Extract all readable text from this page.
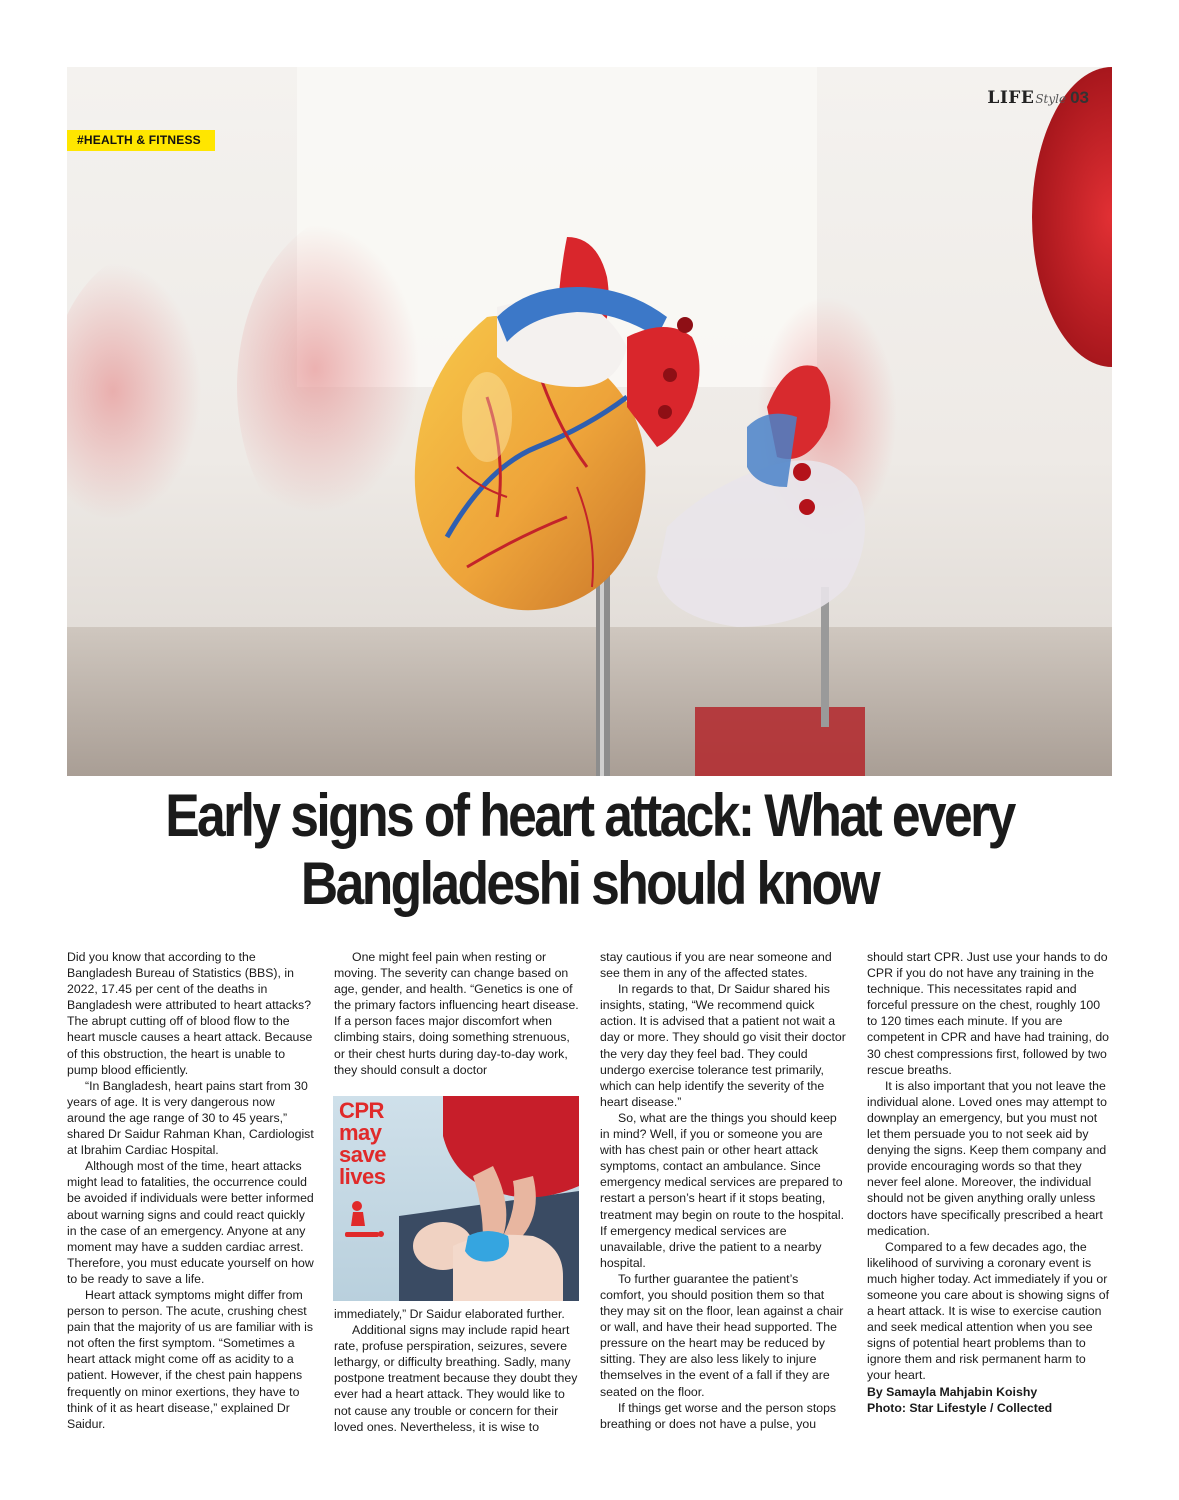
#HEALTH & FITNESS
LIFE Style 03
Early signs of heart attack: What every
Bangladeshi should know

Did you know that according to the Bangladesh Bureau of Statistics (BBS), in 2022, 17.45 per cent of the deaths in Bangladesh were attributed to heart attacks? The abrupt cutting off of blood flow to the heart muscle causes a heart attack. Because of this obstruction, the heart is unable to pump blood efficiently.

“In Bangladesh, heart pains start from 30 years of age. It is very dangerous now around the age range of 30 to 45 years,” shared Dr Saidur Rahman Khan, Cardiologist at Ibrahim Cardiac Hospital.

Although most of the time, heart attacks might lead to fatalities, the occurrence could be avoided if individuals were better informed about warning signs and could react quickly in the case of an emergency. Anyone at any moment may have a sudden cardiac arrest. Therefore, you must educate yourself on how to be ready to save a life.

Heart attack symptoms might differ from person to person. The acute, crushing chest pain that the majority of us are familiar with is not often the first symptom. “Sometimes a heart attack might come off as acidity to a patient. However, if the chest pain happens frequently on minor exertions, they have to think of it as heart disease,” explained Dr Saidur.

One might feel pain when resting or moving. The severity can change based on age, gender, and health. “Genetics is one of the primary factors influencing heart disease. If a person faces major discomfort when climbing stairs, doing something strenuous, or their chest hurts during day-to-day work, they should consult a doctor

CPR
may
save
lives

immediately,” Dr Saidur elaborated further.

Additional signs may include rapid heart rate, profuse perspiration, seizures, severe lethargy, or difficulty breathing. Sadly, many postpone treatment because they doubt they ever had a heart attack. They would like to not cause any trouble or concern for their loved ones. Nevertheless, it is wise to

stay cautious if you are near someone and see them in any of the affected states.

In regards to that, Dr Saidur shared his insights, stating, “We recommend quick action. It is advised that a patient not wait a day or more. They should go visit their doctor the very day they feel bad. They could undergo exercise tolerance test primarily, which can help identify the severity of the heart disease.”

So, what are the things you should keep in mind? Well, if you or someone you are with has chest pain or other heart attack symptoms, contact an ambulance. Since emergency medical services are prepared to restart a person’s heart if it stops beating, treatment may begin on route to the hospital. If emergency medical services are unavailable, drive the patient to a nearby hospital.

To further guarantee the patient’s comfort, you should position them so that they may sit on the floor, lean against a chair or wall, and have their head supported. The pressure on the heart may be reduced by sitting. They are also less likely to injure themselves in the event of a fall if they are seated on the floor.

If things get worse and the person stops breathing or does not have a pulse, you

should start CPR. Just use your hands to do CPR if you do not have any training in the technique. This necessitates rapid and forceful pressure on the chest, roughly 100 to 120 times each minute. If you are competent in CPR and have had training, do 30 chest compressions first, followed by two rescue breaths.

It is also important that you not leave the individual alone. Loved ones may attempt to downplay an emergency, but you must not let them persuade you to not seek aid by denying the signs. Keep them company and provide encouraging words so that they never feel alone. Moreover, the individual should not be given anything orally unless doctors have specifically prescribed a heart medication.

Compared to a few decades ago, the likelihood of surviving a coronary event is much higher today. Act immediately if you or someone you care about is showing signs of a heart attack. It is wise to exercise caution and seek medical attention when you see signs of potential heart problems than to ignore them and risk permanent harm to your heart.

By Samayla Mahjabin Koishy

Photo: Star Lifestyle / Collected
